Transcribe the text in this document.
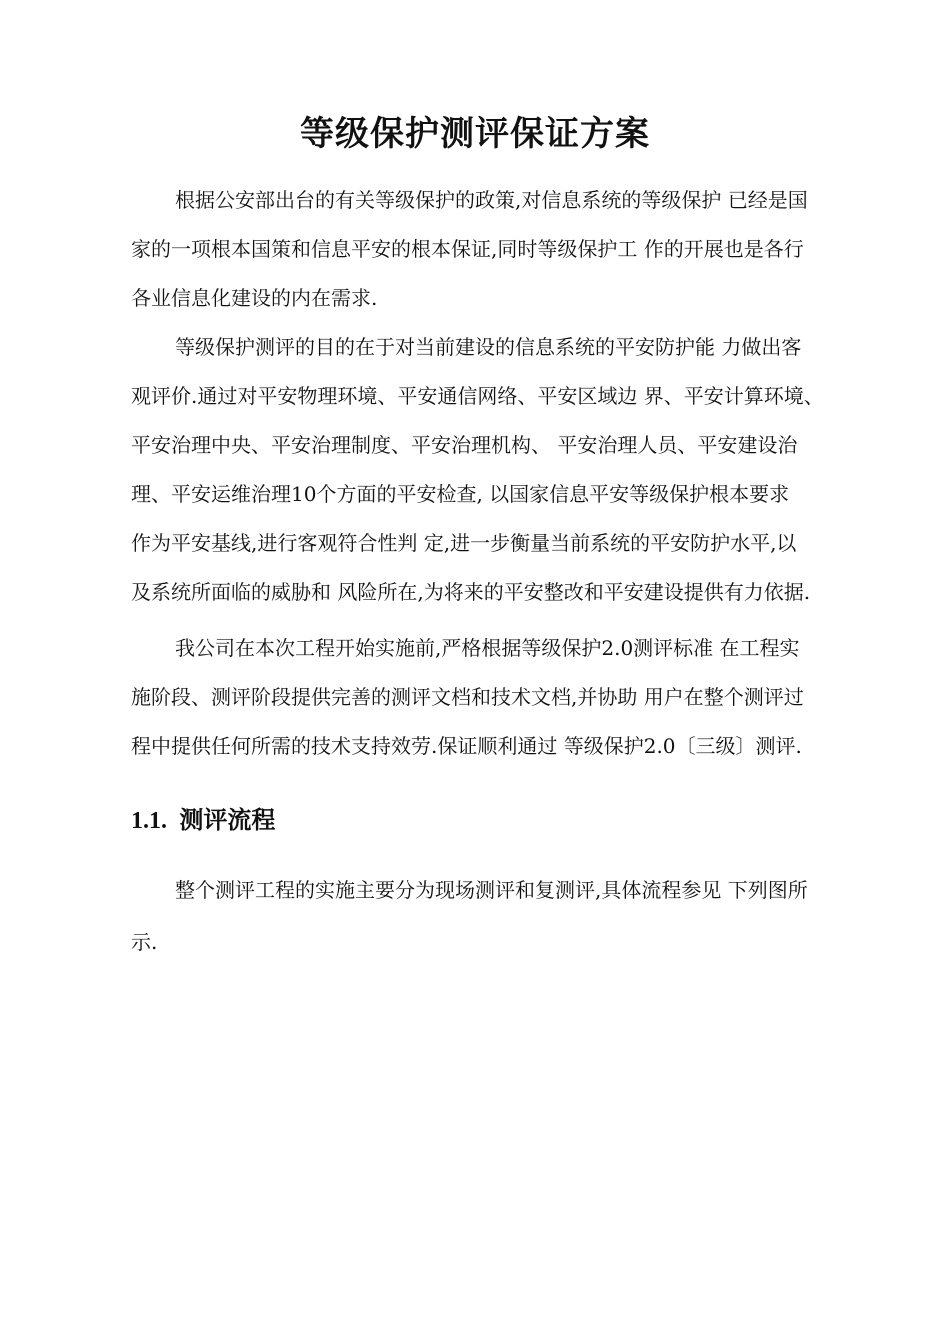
等级保护测评保证方案
根据公安部出台的有关等级保护的政策,对信息系统的等级保护 已经是国
家的一项根本国策和信息平安的根本保证,同时等级保护工 作的开展也是各行
各业信息化建设的内在需求.
等级保护测评的目的在于对当前建设的信息系统的平安防护能 力做出客
观评价.通过对平安物理环境、平安通信网络、平安区域边 界、平安计算环境、
平安治理中央、平安治理制度、平安治理机构、 平安治理人员、平安建设治
理、平安运维治理10个方面的平安检查, 以国家信息平安等级保护根本要求
作为平安基线,进行客观符合性判 定,进一步衡量当前系统的平安防护水平,以
及系统所面临的威胁和 风险所在,为将来的平安整改和平安建设提供有力依据.
我公司在本次工程开始实施前,严格根据等级保护2.0测评标准 在工程实
施阶段、测评阶段提供完善的测评文档和技术文档,并协助 用户在整个测评过
程中提供任何所需的技术支持效劳.保证顺利通过 等级保护2.0〔三级〕测评.
1.1. 测评流程
整个测评工程的实施主要分为现场测评和复测评,具体流程参见 下列图所
示.
